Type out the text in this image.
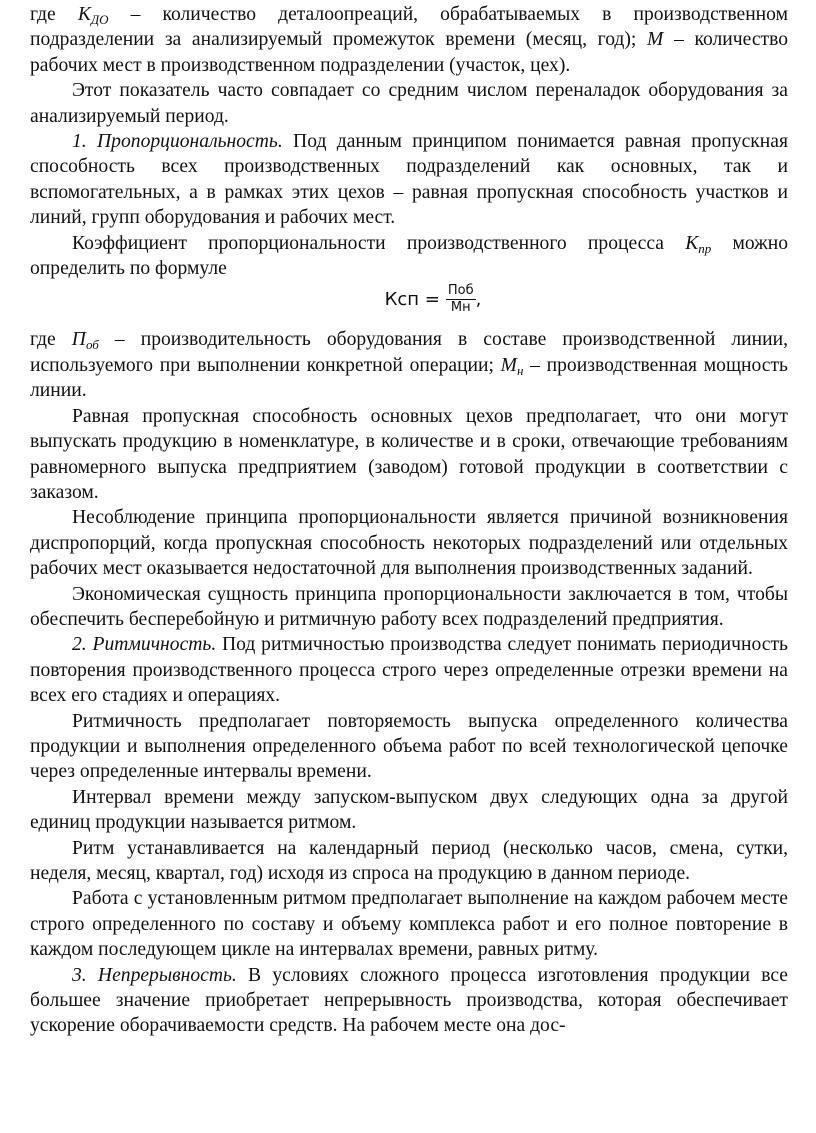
где $К_{ДО}$ – количество деталоопреаций, обрабатываемых в производственном подразделении за анализируемый промежуток времени (месяц, год); М – количество рабочих мест в производственном подразделении (участок, цех).

Этот показатель часто совпадает со средним числом переналадок оборудования за анализируемый период.

1. Пропорциональность. Под данным принципом понимается равная пропускная способность всех производственных подразделений как основных, так и вспомогательных, а в рамках этих цехов – равная пропускная способность участков и линий, групп оборудования и рабочих мест.

Коэффициент пропорциональности производственного процесса $К_{пр}$ можно определить по формуле

Ксп = $\frac{\text{Поб}}{Мн}$ ,

где $П_{об}$ – производительность оборудования в составе производственной линии, используемого при выполнении конкретной операции; $М_н$ – производственная мощность линии.

Равная пропускная способность основных цехов предполагает, что они могут выпускать продукцию в номенклатуре, в количестве и в сроки, отвечающие требованиям равномерного выпуска предприятием (заводом) готовой продукции в соответствии с заказом.

Несоблюдение принципа пропорциональности является причиной возникновения диспропорций, когда пропускная способность некоторых подразделений или отдельных рабочих мест оказывается недостаточной для выполнения производственных заданий.

Экономическая сущность принципа пропорциональности заключается в том, чтобы обеспечить бесперебойную и ритмичную работу всех подразделений предприятия.

2. Ритмичность. Под ритмичностью производства следует понимать периодичность повторения производственного процесса строго через определенные отрезки времени на всех его стадиях и операциях.

Ритмичность предполагает повторяемость выпуска определенного количества продукции и выполнения определенного объема работ по всей технологической цепочке через определенные интервалы времени.

Интервал времени между запуском-выпуском двух следующих одна за другой единиц продукции называется ритмом.

Ритм устанавливается на календарный период (несколько часов, смена, сутки, неделя, месяц, квартал, год) исходя из спроса на продукцию в данном периоде.

Работа с установленным ритмом предполагает выполнение на каждом рабочем месте строго определенного по составу и объему комплекса работ и его полное повторение в каждом последующем цикле на интервалах времени, равных ритму.

3. Непрерывность. В условиях сложного процесса изготовления продукции все большее значение приобретает непрерывность производства, которая обеспечивает ускорение оборачиваемости средств. На рабочем месте она дос-
